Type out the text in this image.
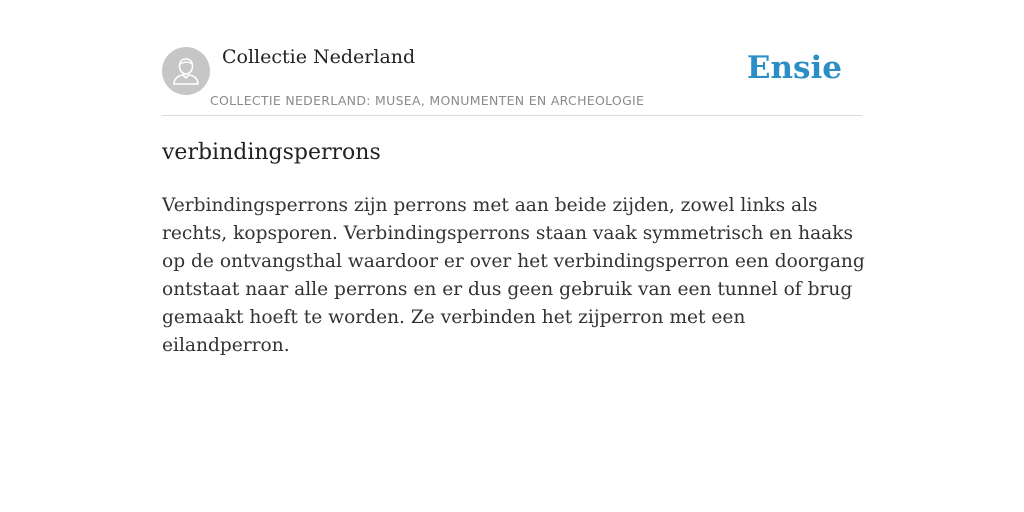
Collectie Nederland
COLLECTIE NEDERLAND: MUSEA, MONUMENTEN EN ARCHEOLOGIE
Ensie
verbindingsperrons

Verbindingsperrons zijn perrons met aan beide zijden, zowel links als rechts, kopsporen. Verbindingsperrons staan vaak symmetrisch en haaks op de ontvangsthal waardoor er over het verbindingsperron een doorgang ontstaat naar alle perrons en er dus geen gebruik van een tunnel of brug gemaakt hoeft te worden. Ze verbinden het zijperron met een eilandperron.
